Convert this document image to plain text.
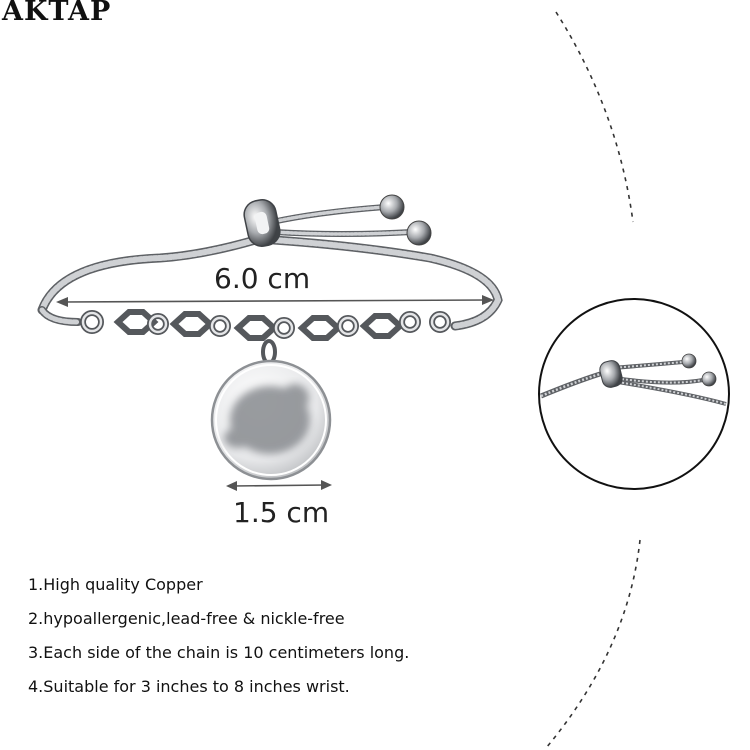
AKTAP
6.0 cm
1.5 cm
1.High quality Copper
2.hypoallergenic,lead-free & nickle-free
3.Each side of the chain is 10 centimeters long.
4.Suitable for 3 inches to 8 inches wrist.
